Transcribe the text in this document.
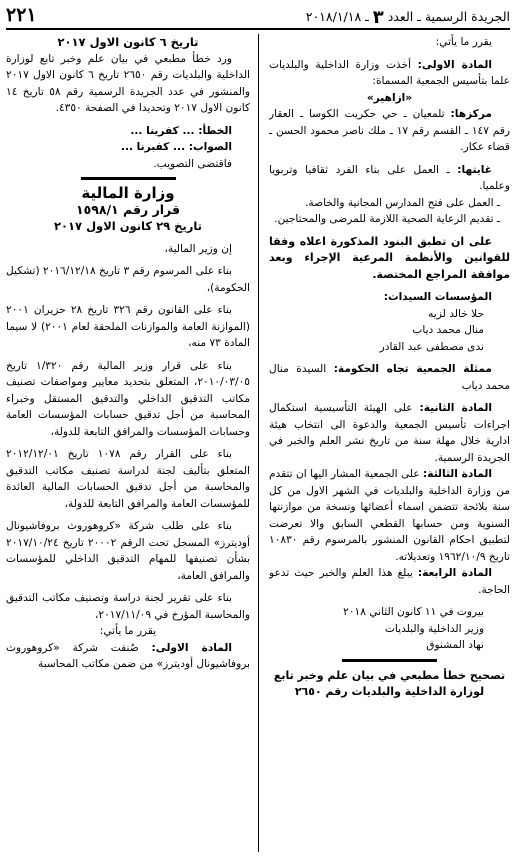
٢٢١	الجريدة الرسمية ـ العدد ٣ ـ ٢٠١٨/١/١٨

يقرر ما يأتي:

المادة الاولى: أخذت وزارة الداخلية والبلديات علما بتأسيس الجمعية المسماة:

«ازاهير»

مركزها: تلمعيان ـ حي حكريت الكوسا ـ العقار رقم ١٤٧ ـ القسم رقم ١٧ ـ ملك ناصر محمود الحسن ـ قضاء عكار.

غايتها: ـ العمل على بناء الفرد ثقافيا وتربويا وعلميا.

ـ العمل على فتح المدارس المجانية والخاصة.

ـ تقديم الرعاية الصحية اللازمة للمرضى والمحتاجين.

على ان تطبق البنود المذكورة اعلاه وفقا للقوانين والأنظمة المرعية الإجراء وبعد موافقة المراجع المختصة.

المؤسسات السيدات:

حلا خالد لزيه

منال محمد دياب

ندى مصطفى عبد القادر

ممثلة الجمعية تجاه الحكومة: السيدة منال محمد دياب

المادة الثانية: على الهيئة التأسيسية استكمال اجراءات تأسيس الجمعية والدعوة الى انتخاب هيئة ادارية خلال مهلة سنة من تاريخ نشر العلم والخبر في الجريدة الرسمية.

المادة الثالثة: على الجمعية المشار اليها ان تتقدم من وزارة الداخلية والبلديات في الشهر الاول من كل سنة بلائحة تتضمن اسماء أعضائها ونسخة من موازنتها السنوية ومن حسابها القطعي السابق والا تعرضت لتطبيق احكام القانون المنشور بالمرسوم رقم ١٠٨٣٠ تاريخ ١٩٦٢/١٠/٩ وتعديلاته.

المادة الرابعة: يبلغ هذا العلم والخبر حيث تدعو الحاجة.

بيروت في ١١ كانون الثاني ٢٠١٨

وزير الداخلية والبلديات

نهاد المشنوق

تصحيح خطأ مطبعي في بيان علم وخبر تابع لوزارة الداخلية والبلديات رقم ٢٦٥٠

تاريخ ٦ كانون الاول ٢٠١٧

ورد خطأ مطبعي في بيان علم وخبر تابع لوزارة الداخلية والبلديات رقم ٢٦٥٠ تاريخ ٦ كانون الاول ٢٠١٧ والمنشور في عدد الجريدة الرسمية رقم ٥٨ تاريخ ١٤ كانون الاول ٢٠١٧ وتحديدا في الصفحة ٤٣٥٠.

الخطأ: ... كفرينا ...

الصواب: ... كفبرنا ...

فاقتضى التصويب.

وزارة المالية

قرار رقم ١٥٩٨/١

تاريخ ٢٩ كانون الاول ٢٠١٧

إن وزير المالية،

بناء على المرسوم رقم ٣ تاريخ ٢٠١٦/١٢/١٨ (تشكيل الحكومة)،

بناء على القانون رقم ٣٢٦ تاريخ ٢٨ حزيران ٢٠٠١ (الموازنة العامة والموازنات الملحقة لعام ٢٠٠١) لا سيما المادة ٧٣ منه،

بناء على قرار وزير المالية رقم ١/٣٢٠ تاريخ ٢٠١٠/٠٣/٠٥، المتعلق بتحديد معايير ومواصفات تصنيف مكاتب التدقيق الداخلي والتدقيق المستقل وخبراء المحاسبة من أجل تدقيق حسابات المؤسسات العامة وحسابات المؤسسات والمرافق التابعة للدولة،

بناء على القرار رقم ١٠٧٨ تاريخ ٢٠١٢/١٢/٠١ المتعلق بتأليف لجنة لدراسة تصنيف مكاتب التدقيق والمحاسبة من أجل تدقيق الحسابات المالية العائدة للمؤسسات العامة والمرافق التابعة للدولة،

بناء على طلب شركة «كروهوروث بروفاشيونال أوديترز» المسجل تحت الرقم ٢٠٠٠٢ تاريخ ٢٠١٧/١٠/٢٤ بشأن تصنيفها للمهام التدقيق الداخلي للمؤسسات والمرافق العامة،

بناء على تقرير لجنة دراسة وتصنيف مكاتب التدقيق والمحاسبة المؤرخ في ٢٠١٧/١١/٠٩،

يقرر ما يأتي:

المادة الاولى: صُنفت شركة «كروهوروث بروفاشيونال أوديترز» من ضمن مكاتب المحاسبة
